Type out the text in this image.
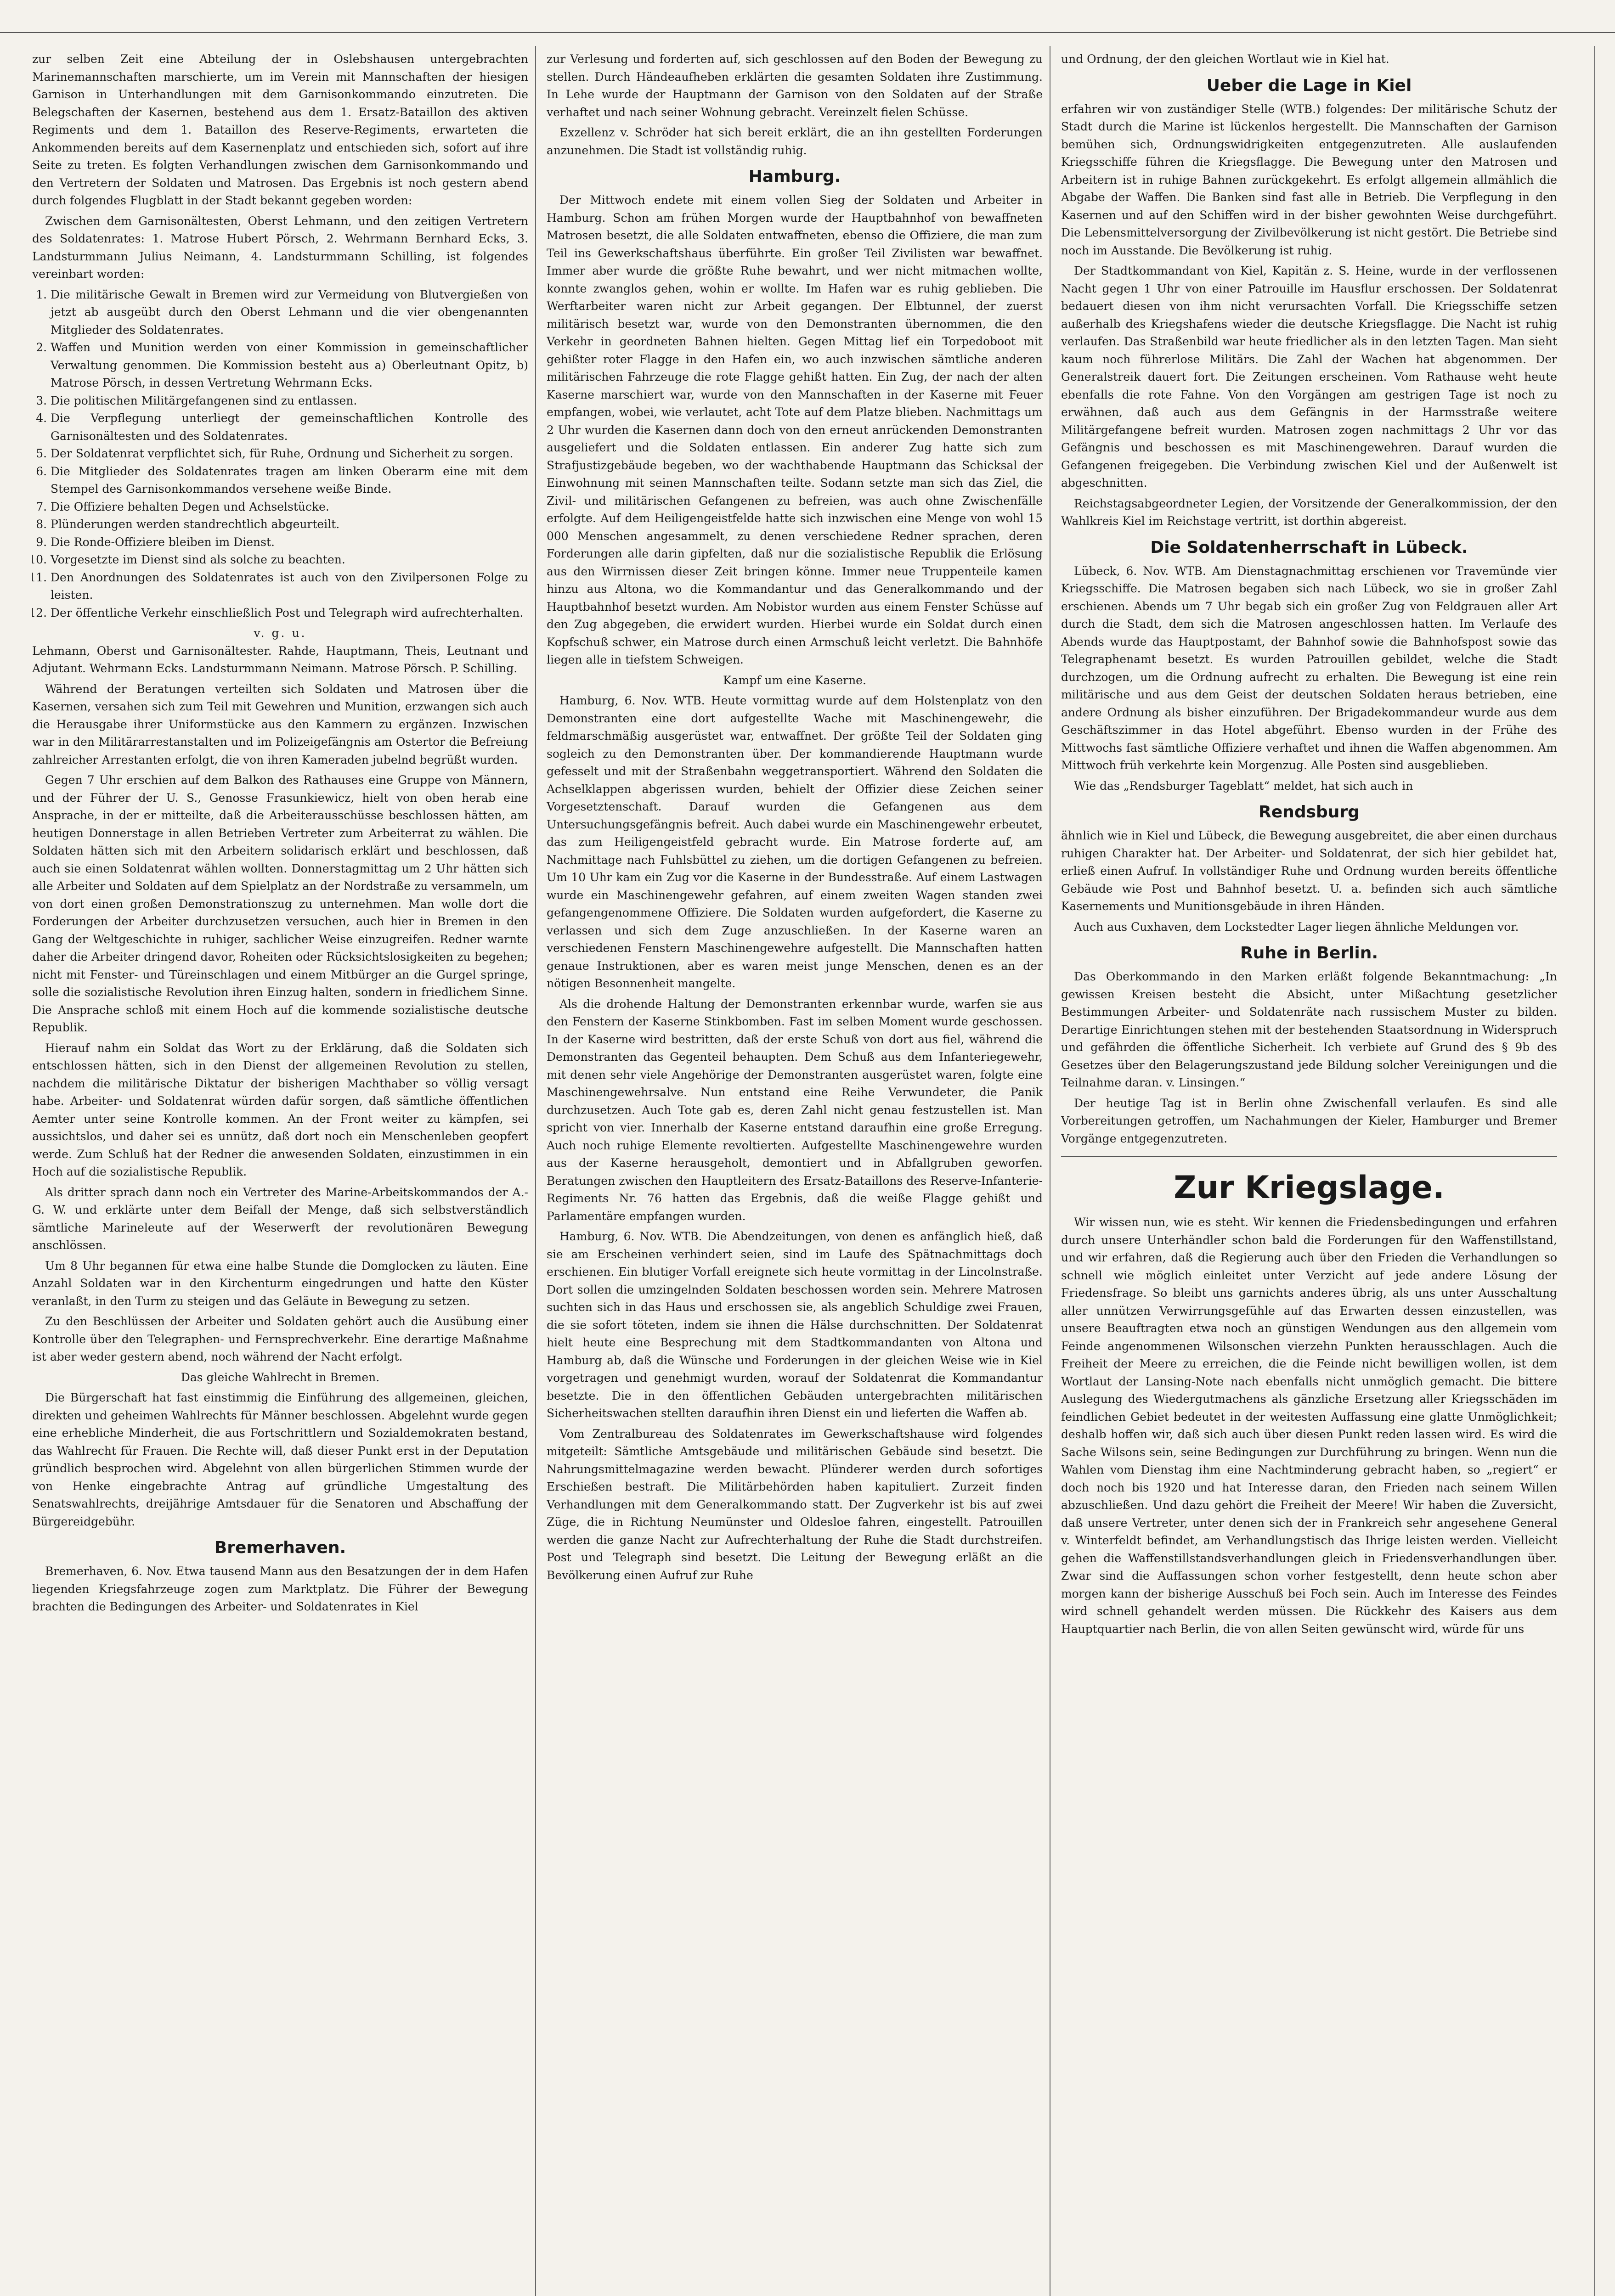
zur selben Zeit eine Abteilung der in Oslebshausen untergebrachten Marinemannschaften marschierte, um im Verein mit Mannschaften der hiesigen Garnison in Unterhandlungen mit dem Garnisonkommando einzutreten. Die Belegschaften der Kasernen, bestehend aus dem 1. Ersatz-Bataillon des aktiven Regiments und dem 1. Bataillon des Reserve-Regiments, erwarteten die Ankommenden bereits auf dem Kasernenplatz und entschieden sich, sofort auf ihre Seite zu treten. Es folgten Verhandlungen zwischen dem Garnisonkommando und den Vertretern der Soldaten und Matrosen. Das Ergebnis ist noch gestern abend durch folgendes Flugblatt in der Stadt bekannt gegeben worden:

Zwischen dem Garnisonältesten, Oberst Lehmann, und den zeitigen Vertretern des Soldatenrates: 1. Matrose Hubert Pörsch, 2. Wehrmann Bernhard Ecks, 3. Landsturmmann Julius Neimann, 4. Landsturmmann Schilling, ist folgendes vereinbart worden:

1. Die militärische Gewalt in Bremen wird zur Vermeidung von Blutvergießen von jetzt ab ausgeübt durch den Oberst Lehmann und die vier obengenannten Mitglieder des Soldatenrates.
2. Waffen und Munition werden von einer Kommission in gemeinschaftlicher Verwaltung genommen. Die Kommission besteht aus a) Oberleutnant Opitz, b) Matrose Pörsch, in dessen Vertretung Wehrmann Ecks.
3. Die politischen Militärgefangenen sind zu entlassen.
4. Die Verpflegung unterliegt der gemeinschaftlichen Kontrolle des Garnisonältesten und des Soldatenrates.
5. Der Soldatenrat verpflichtet sich, für Ruhe, Ordnung und Sicherheit zu sorgen.
6. Die Mitglieder des Soldatenrates tragen am linken Oberarm eine mit dem Stempel des Garnisonkommandos versehene weiße Binde.
7. Die Offiziere behalten Degen und Achselstücke.
8. Plünderungen werden standrechtlich abgeurteilt.
9. Die Ronde-Offiziere bleiben im Dienst.
10. Vorgesetzte im Dienst sind als solche zu beachten.
11. Den Anordnungen des Soldatenrates ist auch von den Zivilpersonen Folge zu leisten.
12. Der öffentliche Verkehr einschließlich Post und Telegraph wird aufrechterhalten.
v. g. u.

Lehmann, Oberst und Garnisonältester. Rahde, Hauptmann, Theis, Leutnant und Adjutant. Wehrmann Ecks. Landsturmmann Neimann. Matrose Pörsch. P. Schilling.

Während der Beratungen verteilten sich Soldaten und Matrosen über die Kasernen, versahen sich zum Teil mit Gewehren und Munition, erzwangen sich auch die Herausgabe ihrer Uniformstücke aus den Kammern zu ergänzen. Inzwischen war in den Militärarrestanstalten und im Polizeigefängnis am Ostertor die Befreiung zahlreicher Arrestanten erfolgt, die von ihren Kameraden jubelnd begrüßt wurden.

Gegen 7 Uhr erschien auf dem Balkon des Rathauses eine Gruppe von Männern, und der Führer der U. S., Genosse Frasunkiewicz, hielt von oben herab eine Ansprache, in der er mitteilte, daß die Arbeiterausschüsse beschlossen hätten, am heutigen Donnerstage in allen Betrieben Vertreter zum Arbeiterrat zu wählen. Die Soldaten hätten sich mit den Arbeitern solidarisch erklärt und beschlossen, daß auch sie einen Soldatenrat wählen wollten. Donnerstagmittag um 2 Uhr hätten sich alle Arbeiter und Soldaten auf dem Spielplatz an der Nordstraße zu versammeln, um von dort einen großen Demonstrationszug zu unternehmen. Man wolle dort die Forderungen der Arbeiter durchzusetzen versuchen, auch hier in Bremen in den Gang der Weltgeschichte in ruhiger, sachlicher Weise einzugreifen. Redner warnte daher die Arbeiter dringend davor, Roheiten oder Rücksichtslosigkeiten zu begehen; nicht mit Fenster- und Türeinschlagen und einem Mitbürger an die Gurgel springe, solle die sozialistische Revolution ihren Einzug halten, sondern in friedlichem Sinne. Die Ansprache schloß mit einem Hoch auf die kommende sozialistische deutsche Republik.

Hierauf nahm ein Soldat das Wort zu der Erklärung, daß die Soldaten sich entschlossen hätten, sich in den Dienst der allgemeinen Revolution zu stellen, nachdem die militärische Diktatur der bisherigen Machthaber so völlig versagt habe. Arbeiter- und Soldatenrat würden dafür sorgen, daß sämtliche öffentlichen Aemter unter seine Kontrolle kommen. An der Front weiter zu kämpfen, sei aussichtslos, und daher sei es unnütz, daß dort noch ein Menschenleben geopfert werde. Zum Schluß hat der Redner die anwesenden Soldaten, einzustimmen in ein Hoch auf die sozialistische Republik.

Als dritter sprach dann noch ein Vertreter des Marine-Arbeitskommandos der A.-G. W. und erklärte unter dem Beifall der Menge, daß sich selbstverständlich sämtliche Marineleute auf der Weserwerft der revolutionären Bewegung anschlössen.

Um 8 Uhr begannen für etwa eine halbe Stunde die Domglocken zu läuten. Eine Anzahl Soldaten war in den Kirchenturm eingedrungen und hatte den Küster veranlaßt, in den Turm zu steigen und das Geläute in Bewegung zu setzen.

Zu den Beschlüssen der Arbeiter und Soldaten gehört auch die Ausübung einer Kontrolle über den Telegraphen- und Fernsprechverkehr. Eine derartige Maßnahme ist aber weder gestern abend, noch während der Nacht erfolgt.

Das gleiche Wahlrecht in Bremen.

Die Bürgerschaft hat fast einstimmig die Einführung des allgemeinen, gleichen, direkten und geheimen Wahlrechts für Männer beschlossen. Abgelehnt wurde gegen eine erhebliche Minderheit, die aus Fortschrittlern und Sozialdemokraten bestand, das Wahlrecht für Frauen. Die Rechte will, daß dieser Punkt erst in der Deputation gründlich besprochen wird. Abgelehnt von allen bürgerlichen Stimmen wurde der von Henke eingebrachte Antrag auf gründliche Umgestaltung des Senatswahlrechts, dreijährige Amtsdauer für die Senatoren und Abschaffung der Bürgereidgebühr.

Bremerhaven.

Bremerhaven, 6. Nov. Etwa tausend Mann aus den Besatzungen der in dem Hafen liegenden Kriegsfahrzeuge zogen zum Marktplatz. Die Führer der Bewegung brachten die Bedingungen des Arbeiter- und Soldatenrates in Kiel

zur Verlesung und forderten auf, sich geschlossen auf den Boden der Bewegung zu stellen. Durch Händeaufheben erklärten die gesamten Soldaten ihre Zustimmung. In Lehe wurde der Hauptmann der Garnison von den Soldaten auf der Straße verhaftet und nach seiner Wohnung gebracht. Vereinzelt fielen Schüsse.

Exzellenz v. Schröder hat sich bereit erklärt, die an ihn gestellten Forderungen anzunehmen. Die Stadt ist vollständig ruhig.

Hamburg.

Der Mittwoch endete mit einem vollen Sieg der Soldaten und Arbeiter in Hamburg. Schon am frühen Morgen wurde der Hauptbahnhof von bewaffneten Matrosen besetzt, die alle Soldaten entwaffneten, ebenso die Offiziere, die man zum Teil ins Gewerkschaftshaus überführte. Ein großer Teil Zivilisten war bewaffnet. Immer aber wurde die größte Ruhe bewahrt, und wer nicht mitmachen wollte, konnte zwanglos gehen, wohin er wollte. Im Hafen war es ruhig geblieben. Die Werftarbeiter waren nicht zur Arbeit gegangen. Der Elbtunnel, der zuerst militärisch besetzt war, wurde von den Demonstranten übernommen, die den Verkehr in geordneten Bahnen hielten. Gegen Mittag lief ein Torpedoboot mit gehißter roter Flagge in den Hafen ein, wo auch inzwischen sämtliche anderen militärischen Fahrzeuge die rote Flagge gehißt hatten. Ein Zug, der nach der alten Kaserne marschiert war, wurde von den Mannschaften in der Kaserne mit Feuer empfangen, wobei, wie verlautet, acht Tote auf dem Platze blieben. Nachmittags um 2 Uhr wurden die Kasernen dann doch von den erneut anrückenden Demonstranten ausgeliefert und die Soldaten entlassen. Ein anderer Zug hatte sich zum Strafjustizgebäude begeben, wo der wachthabende Hauptmann das Schicksal der Einwohnung mit seinen Mannschaften teilte. Sodann setzte man sich das Ziel, die Zivil- und militärischen Gefangenen zu befreien, was auch ohne Zwischenfälle erfolgte. Auf dem Heiligengeistfelde hatte sich inzwischen eine Menge von wohl 15 000 Menschen angesammelt, zu denen verschiedene Redner sprachen, deren Forderungen alle darin gipfelten, daß nur die sozialistische Republik die Erlösung aus den Wirrnissen dieser Zeit bringen könne. Immer neue Truppenteile kamen hinzu aus Altona, wo die Kommandantur und das Generalkommando und der Hauptbahnhof besetzt wurden. Am Nobistor wurden aus einem Fenster Schüsse auf den Zug abgegeben, die erwidert wurden. Hierbei wurde ein Soldat durch einen Kopfschuß schwer, ein Matrose durch einen Armschuß leicht verletzt. Die Bahnhöfe liegen alle in tiefstem Schweigen.

Kampf um eine Kaserne.

Hamburg, 6. Nov. WTB. Heute vormittag wurde auf dem Holstenplatz von den Demonstranten eine dort aufgestellte Wache mit Maschinengewehr, die feldmarschmäßig ausgerüstet war, entwaffnet. Der größte Teil der Soldaten ging sogleich zu den Demonstranten über. Der kommandierende Hauptmann wurde gefesselt und mit der Straßenbahn weggetransportiert. Während den Soldaten die Achselklappen abgerissen wurden, behielt der Offizier diese Zeichen seiner Vorgesetztenschaft. Darauf wurden die Gefangenen aus dem Untersuchungsgefängnis befreit. Auch dabei wurde ein Maschinengewehr erbeutet, das zum Heiligengeistfeld gebracht wurde. Ein Matrose forderte auf, am Nachmittage nach Fuhlsbüttel zu ziehen, um die dortigen Gefangenen zu befreien. Um 10 Uhr kam ein Zug vor die Kaserne in der Bundesstraße. Auf einem Lastwagen wurde ein Maschinengewehr gefahren, auf einem zweiten Wagen standen zwei gefangengenommene Offiziere. Die Soldaten wurden aufgefordert, die Kaserne zu verlassen und sich dem Zuge anzuschließen. In der Kaserne waren an verschiedenen Fenstern Maschinengewehre aufgestellt. Die Mannschaften hatten genaue Instruktionen, aber es waren meist junge Menschen, denen es an der nötigen Besonnenheit mangelte.

Als die drohende Haltung der Demonstranten erkennbar wurde, warfen sie aus den Fenstern der Kaserne Stinkbomben. Fast im selben Moment wurde geschossen. In der Kaserne wird bestritten, daß der erste Schuß von dort aus fiel, während die Demonstranten das Gegenteil behaupten. Dem Schuß aus dem Infanteriegewehr, mit denen sehr viele Angehörige der Demonstranten ausgerüstet waren, folgte eine Maschinengewehrsalve. Nun entstand eine Reihe Verwundeter, die Panik durchzusetzen. Auch Tote gab es, deren Zahl nicht genau festzustellen ist. Man spricht von vier. Innerhalb der Kaserne entstand daraufhin eine große Erregung. Auch noch ruhige Elemente revoltierten. Aufgestellte Maschinengewehre wurden aus der Kaserne herausgeholt, demontiert und in Abfallgruben geworfen. Beratungen zwischen den Hauptleitern des Ersatz-Bataillons des Reserve-Infanterie-Regiments Nr. 76 hatten das Ergebnis, daß die weiße Flagge gehißt und Parlamentäre empfangen wurden.

Hamburg, 6. Nov. WTB. Die Abendzeitungen, von denen es anfänglich hieß, daß sie am Erscheinen verhindert seien, sind im Laufe des Spätnachmittags doch erschienen. Ein blutiger Vorfall ereignete sich heute vormittag in der Lincolnstraße. Dort sollen die umzingelnden Soldaten beschossen worden sein. Mehrere Matrosen suchten sich in das Haus und erschossen sie, als angeblich Schuldige zwei Frauen, die sie sofort töteten, indem sie ihnen die Hälse durchschnitten. Der Soldatenrat hielt heute eine Besprechung mit dem Stadtkommandanten von Altona und Hamburg ab, daß die Wünsche und Forderungen in der gleichen Weise wie in Kiel vorgetragen und genehmigt wurden, worauf der Soldatenrat die Kommandantur besetzte. Die in den öffentlichen Gebäuden untergebrachten militärischen Sicherheitswachen stellten daraufhin ihren Dienst ein und lieferten die Waffen ab.

Vom Zentralbureau des Soldatenrates im Gewerkschaftshause wird folgendes mitgeteilt: Sämtliche Amtsgebäude und militärischen Gebäude sind besetzt. Die Nahrungsmittelmagazine werden bewacht. Plünderer werden durch sofortiges Erschießen bestraft. Die Militärbehörden haben kapituliert. Zurzeit finden Verhandlungen mit dem Generalkommando statt. Der Zugverkehr ist bis auf zwei Züge, die in Richtung Neumünster und Oldesloe fahren, eingestellt. Patrouillen werden die ganze Nacht zur Aufrechterhaltung der Ruhe die Stadt durchstreifen. Post und Telegraph sind besetzt. Die Leitung der Bewegung erläßt an die Bevölkerung einen Aufruf zur Ruhe

und Ordnung, der den gleichen Wortlaut wie in Kiel hat.

Ueber die Lage in Kiel

erfahren wir von zuständiger Stelle (WTB.) folgendes: Der militärische Schutz der Stadt durch die Marine ist lückenlos hergestellt. Die Mannschaften der Garnison bemühen sich, Ordnungswidrigkeiten entgegenzutreten. Alle auslaufenden Kriegsschiffe führen die Kriegsflagge. Die Bewegung unter den Matrosen und Arbeitern ist in ruhige Bahnen zurückgekehrt. Es erfolgt allgemein allmählich die Abgabe der Waffen. Die Banken sind fast alle in Betrieb. Die Verpflegung in den Kasernen und auf den Schiffen wird in der bisher gewohnten Weise durchgeführt. Die Lebensmittelversorgung der Zivilbevölkerung ist nicht gestört. Die Betriebe sind noch im Ausstande. Die Bevölkerung ist ruhig.

Der Stadtkommandant von Kiel, Kapitän z. S. Heine, wurde in der verflossenen Nacht gegen 1 Uhr von einer Patrouille im Hausflur erschossen. Der Soldatenrat bedauert diesen von ihm nicht verursachten Vorfall. Die Kriegsschiffe setzen außerhalb des Kriegshafens wieder die deutsche Kriegsflagge. Die Nacht ist ruhig verlaufen. Das Straßenbild war heute friedlicher als in den letzten Tagen. Man sieht kaum noch führerlose Militärs. Die Zahl der Wachen hat abgenommen. Der Generalstreik dauert fort. Die Zeitungen erscheinen. Vom Rathause weht heute ebenfalls die rote Fahne. Von den Vorgängen am gestrigen Tage ist noch zu erwähnen, daß auch aus dem Gefängnis in der Harmsstraße weitere Militärgefangene befreit wurden. Matrosen zogen nachmittags 2 Uhr vor das Gefängnis und beschossen es mit Maschinengewehren. Darauf wurden die Gefangenen freigegeben. Die Verbindung zwischen Kiel und der Außenwelt ist abgeschnitten.

Reichstagsabgeordneter Legien, der Vorsitzende der Generalkommission, der den Wahlkreis Kiel im Reichstage vertritt, ist dorthin abgereist.

Die Soldatenherrschaft in Lübeck.

Lübeck, 6. Nov. WTB. Am Dienstagnachmittag erschienen vor Travemünde vier Kriegsschiffe. Die Matrosen begaben sich nach Lübeck, wo sie in großer Zahl erschienen. Abends um 7 Uhr begab sich ein großer Zug von Feldgrauen aller Art durch die Stadt, dem sich die Matrosen angeschlossen hatten. Im Verlaufe des Abends wurde das Hauptpostamt, der Bahnhof sowie die Bahnhofspost sowie das Telegraphenamt besetzt. Es wurden Patrouillen gebildet, welche die Stadt durchzogen, um die Ordnung aufrecht zu erhalten. Die Bewegung ist eine rein militärische und aus dem Geist der deutschen Soldaten heraus betrieben, eine andere Ordnung als bisher einzuführen. Der Brigadekommandeur wurde aus dem Geschäftszimmer in das Hotel abgeführt. Ebenso wurden in der Frühe des Mittwochs fast sämtliche Offiziere verhaftet und ihnen die Waffen abgenommen. Am Mittwoch früh verkehrte kein Morgenzug. Alle Posten sind ausgeblieben.

Wie das „Rendsburger Tageblatt“ meldet, hat sich auch in

Rendsburg

ähnlich wie in Kiel und Lübeck, die Bewegung ausgebreitet, die aber einen durchaus ruhigen Charakter hat. Der Arbeiter- und Soldatenrat, der sich hier gebildet hat, erließ einen Aufruf. In vollständiger Ruhe und Ordnung wurden bereits öffentliche Gebäude wie Post und Bahnhof besetzt. U. a. befinden sich auch sämtliche Kasernements und Munitionsgebäude in ihren Händen.

Auch aus Cuxhaven, dem Lockstedter Lager liegen ähnliche Meldungen vor.

Ruhe in Berlin.

Das Oberkommando in den Marken erläßt folgende Bekanntmachung: „In gewissen Kreisen besteht die Absicht, unter Mißachtung gesetzlicher Bestimmungen Arbeiter- und Soldatenräte nach russischem Muster zu bilden. Derartige Einrichtungen stehen mit der bestehenden Staatsordnung in Widerspruch und gefährden die öffentliche Sicherheit. Ich verbiete auf Grund des § 9b des Gesetzes über den Belagerungszustand jede Bildung solcher Vereinigungen und die Teilnahme daran. v. Linsingen.“

Der heutige Tag ist in Berlin ohne Zwischenfall verlaufen. Es sind alle Vorbereitungen getroffen, um Nachahmungen der Kieler, Hamburger und Bremer Vorgänge entgegenzutreten.

Zur Kriegslage.

Wir wissen nun, wie es steht. Wir kennen die Friedensbedingungen und erfahren durch unsere Unterhändler schon bald die Forderungen für den Waffenstillstand, und wir erfahren, daß die Regierung auch über den Frieden die Verhandlungen so schnell wie möglich einleitet unter Verzicht auf jede andere Lösung der Friedensfrage. So bleibt uns garnichts anderes übrig, als uns unter Ausschaltung aller unnützen Verwirrungsgefühle auf das Erwarten dessen einzustellen, was unsere Beauftragten etwa noch an günstigen Wendungen aus den allgemein vom Feinde angenommenen Wilsonschen vierzehn Punkten herausschlagen. Auch die Freiheit der Meere zu erreichen, die die Feinde nicht bewilligen wollen, ist dem Wortlaut der Lansing-Note nach ebenfalls nicht unmöglich gemacht. Die bittere Auslegung des Wiedergutmachens als gänzliche Ersetzung aller Kriegsschäden im feindlichen Gebiet bedeutet in der weitesten Auffassung eine glatte Unmöglichkeit; deshalb hoffen wir, daß sich auch über diesen Punkt reden lassen wird. Es wird die Sache Wilsons sein, seine Bedingungen zur Durchführung zu bringen. Wenn nun die Wahlen vom Dienstag ihm eine Nachtminderung gebracht haben, so „regiert“ er doch noch bis 1920 und hat Interesse daran, den Frieden nach seinem Willen abzuschließen. Und dazu gehört die Freiheit der Meere! Wir haben die Zuversicht, daß unsere Vertreter, unter denen sich der in Frankreich sehr angesehene General v. Winterfeldt befindet, am Verhandlungstisch das Ihrige leisten werden. Vielleicht gehen die Waffenstillstandsverhandlungen gleich in Friedensverhandlungen über. Zwar sind die Auffassungen schon vorher festgestellt, denn heute schon aber morgen kann der bisherige Ausschuß bei Foch sein. Auch im Interesse des Feindes wird schnell gehandelt werden müssen. Die Rückkehr des Kaisers aus dem Hauptquartier nach Berlin, die von allen Seiten gewünscht wird, würde für uns
